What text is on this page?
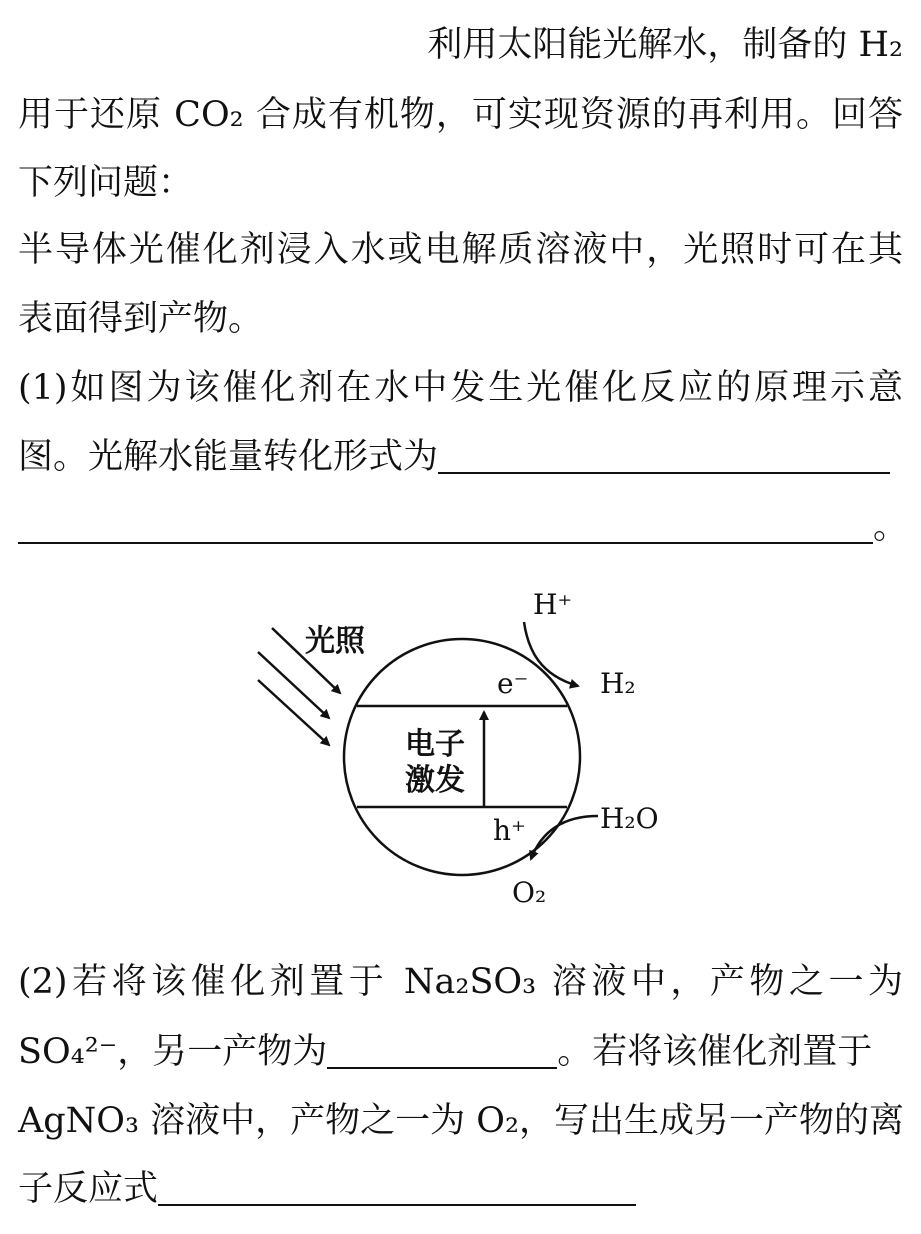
利用太阳能光解水，制备的 H₂
用于还原 CO₂ 合成有机物，可实现资源的再利用。回答
下列问题：
半导体光催化剂浸入水或电解质溶液中，光照时可在其
表面得到产物。
(1)如图为该催化剂在水中发生光催化反应的原理示意
图。光解水能量转化形式为
。
光照
电子
激发
e⁻
h⁺
H⁺
H₂
H₂O
O₂
(2)若将该催化剂置于 Na₂SO₃ 溶液中，产物之一为
SO₄²⁻，另一产物为	。若将该催化剂置于
AgNO₃ 溶液中，产物之一为 O₂，写出生成另一产物的离
子反应式
